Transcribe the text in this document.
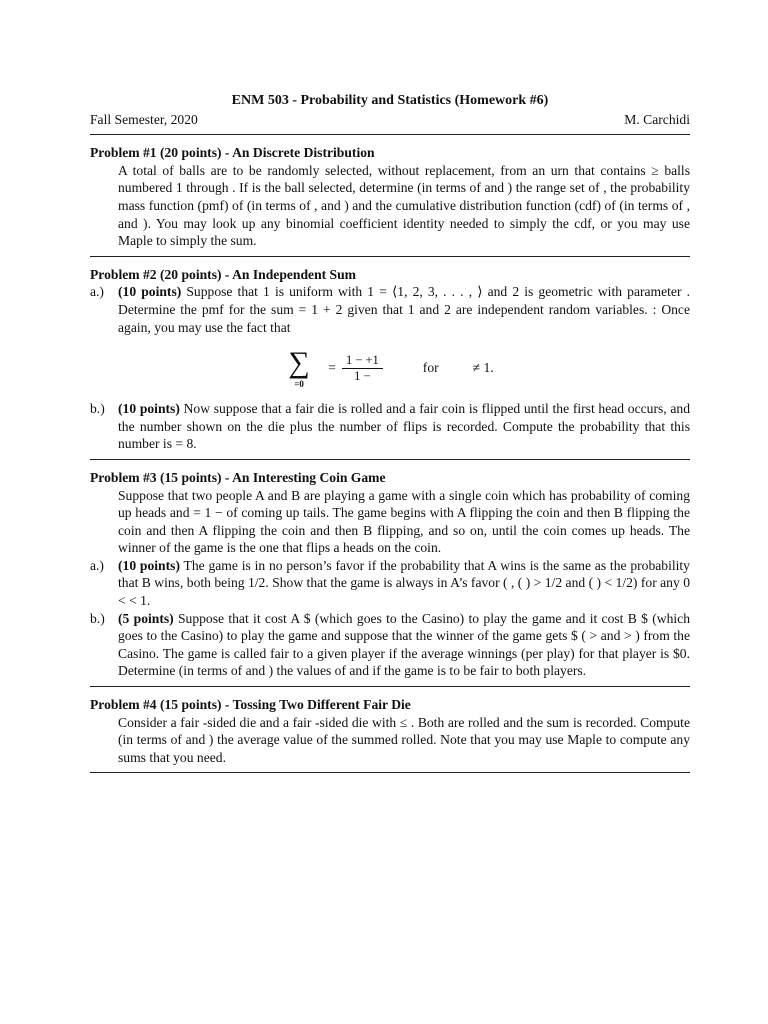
ENM 503 - Probability and Statistics (Homework #6)

Fall Semester, 2020	M. Carchidi

Problem #1 (20 points) - An Discrete Distribution

A total of balls are to be randomly selected, without replacement, from an urn that contains ≥ balls numbered 1 through . If is the ball selected, determine (in terms of and ) the range set of , the probability mass function (pmf) of (in terms of , and ) and the cumulative distribution function (cdf) of (in terms of , and ). You may look up any binomial coefficient identity needed to simply the cdf, or you may use Maple to simply the sum.

Problem #2 (20 points) - An Independent Sum

a.)	(10 points) Suppose that 1 is uniform with 1 = ⟨1, 2, 3, . . . , ⟩ and 2 is geometric with parameter . Determine the pmf for the sum = 1 + 2 given that 1 and 2 are independent random variables. : Once again, you may use the fact that
∑
=0
= $\frac{1 - +1}{1 -}$	for	≠ 1.
b.) (10 points) Now suppose that a fair die is rolled and a fair coin is flipped until the first head occurs, and the number shown on the die plus the number of flips is recorded. Compute the probability that this number is = 8.

Problem #3 (15 points) - An Interesting Coin Game

Suppose that two people A and B are playing a game with a single coin which has probability of coming up heads and = 1 − of coming up tails. The game begins with A flipping the coin and then B flipping the coin and then A flipping the coin and then B flipping, and so on, until the coin comes up heads. The winner of the game is the one that flips a heads on the coin.

a.)	(10 points) The game is in no person’s favor if the probability that A wins is the same as the probability that B wins, both being 1/2. Show that the game is always in A’s favor ( , ( ) > 1/2 and ( ) < 1/2) for any 0 < < 1.
b.) (5 points) Suppose that it cost A $ (which goes to the Casino) to play the game and it cost B $ (which goes to the Casino) to play the game and suppose that the winner of the game gets $ ( > and > ) from the Casino. The game is called fair to a given player if the average winnings (per play) for that player is $0. Determine (in terms of and ) the values of and if the game is to be fair to both players.

Problem #4 (15 points) - Tossing Two Different Fair Die

Consider a fair -sided die and a fair -sided die with ≤ . Both are rolled and the sum is recorded. Compute (in terms of and ) the average value of the summed rolled. Note that you may use Maple to compute any sums that you need.
